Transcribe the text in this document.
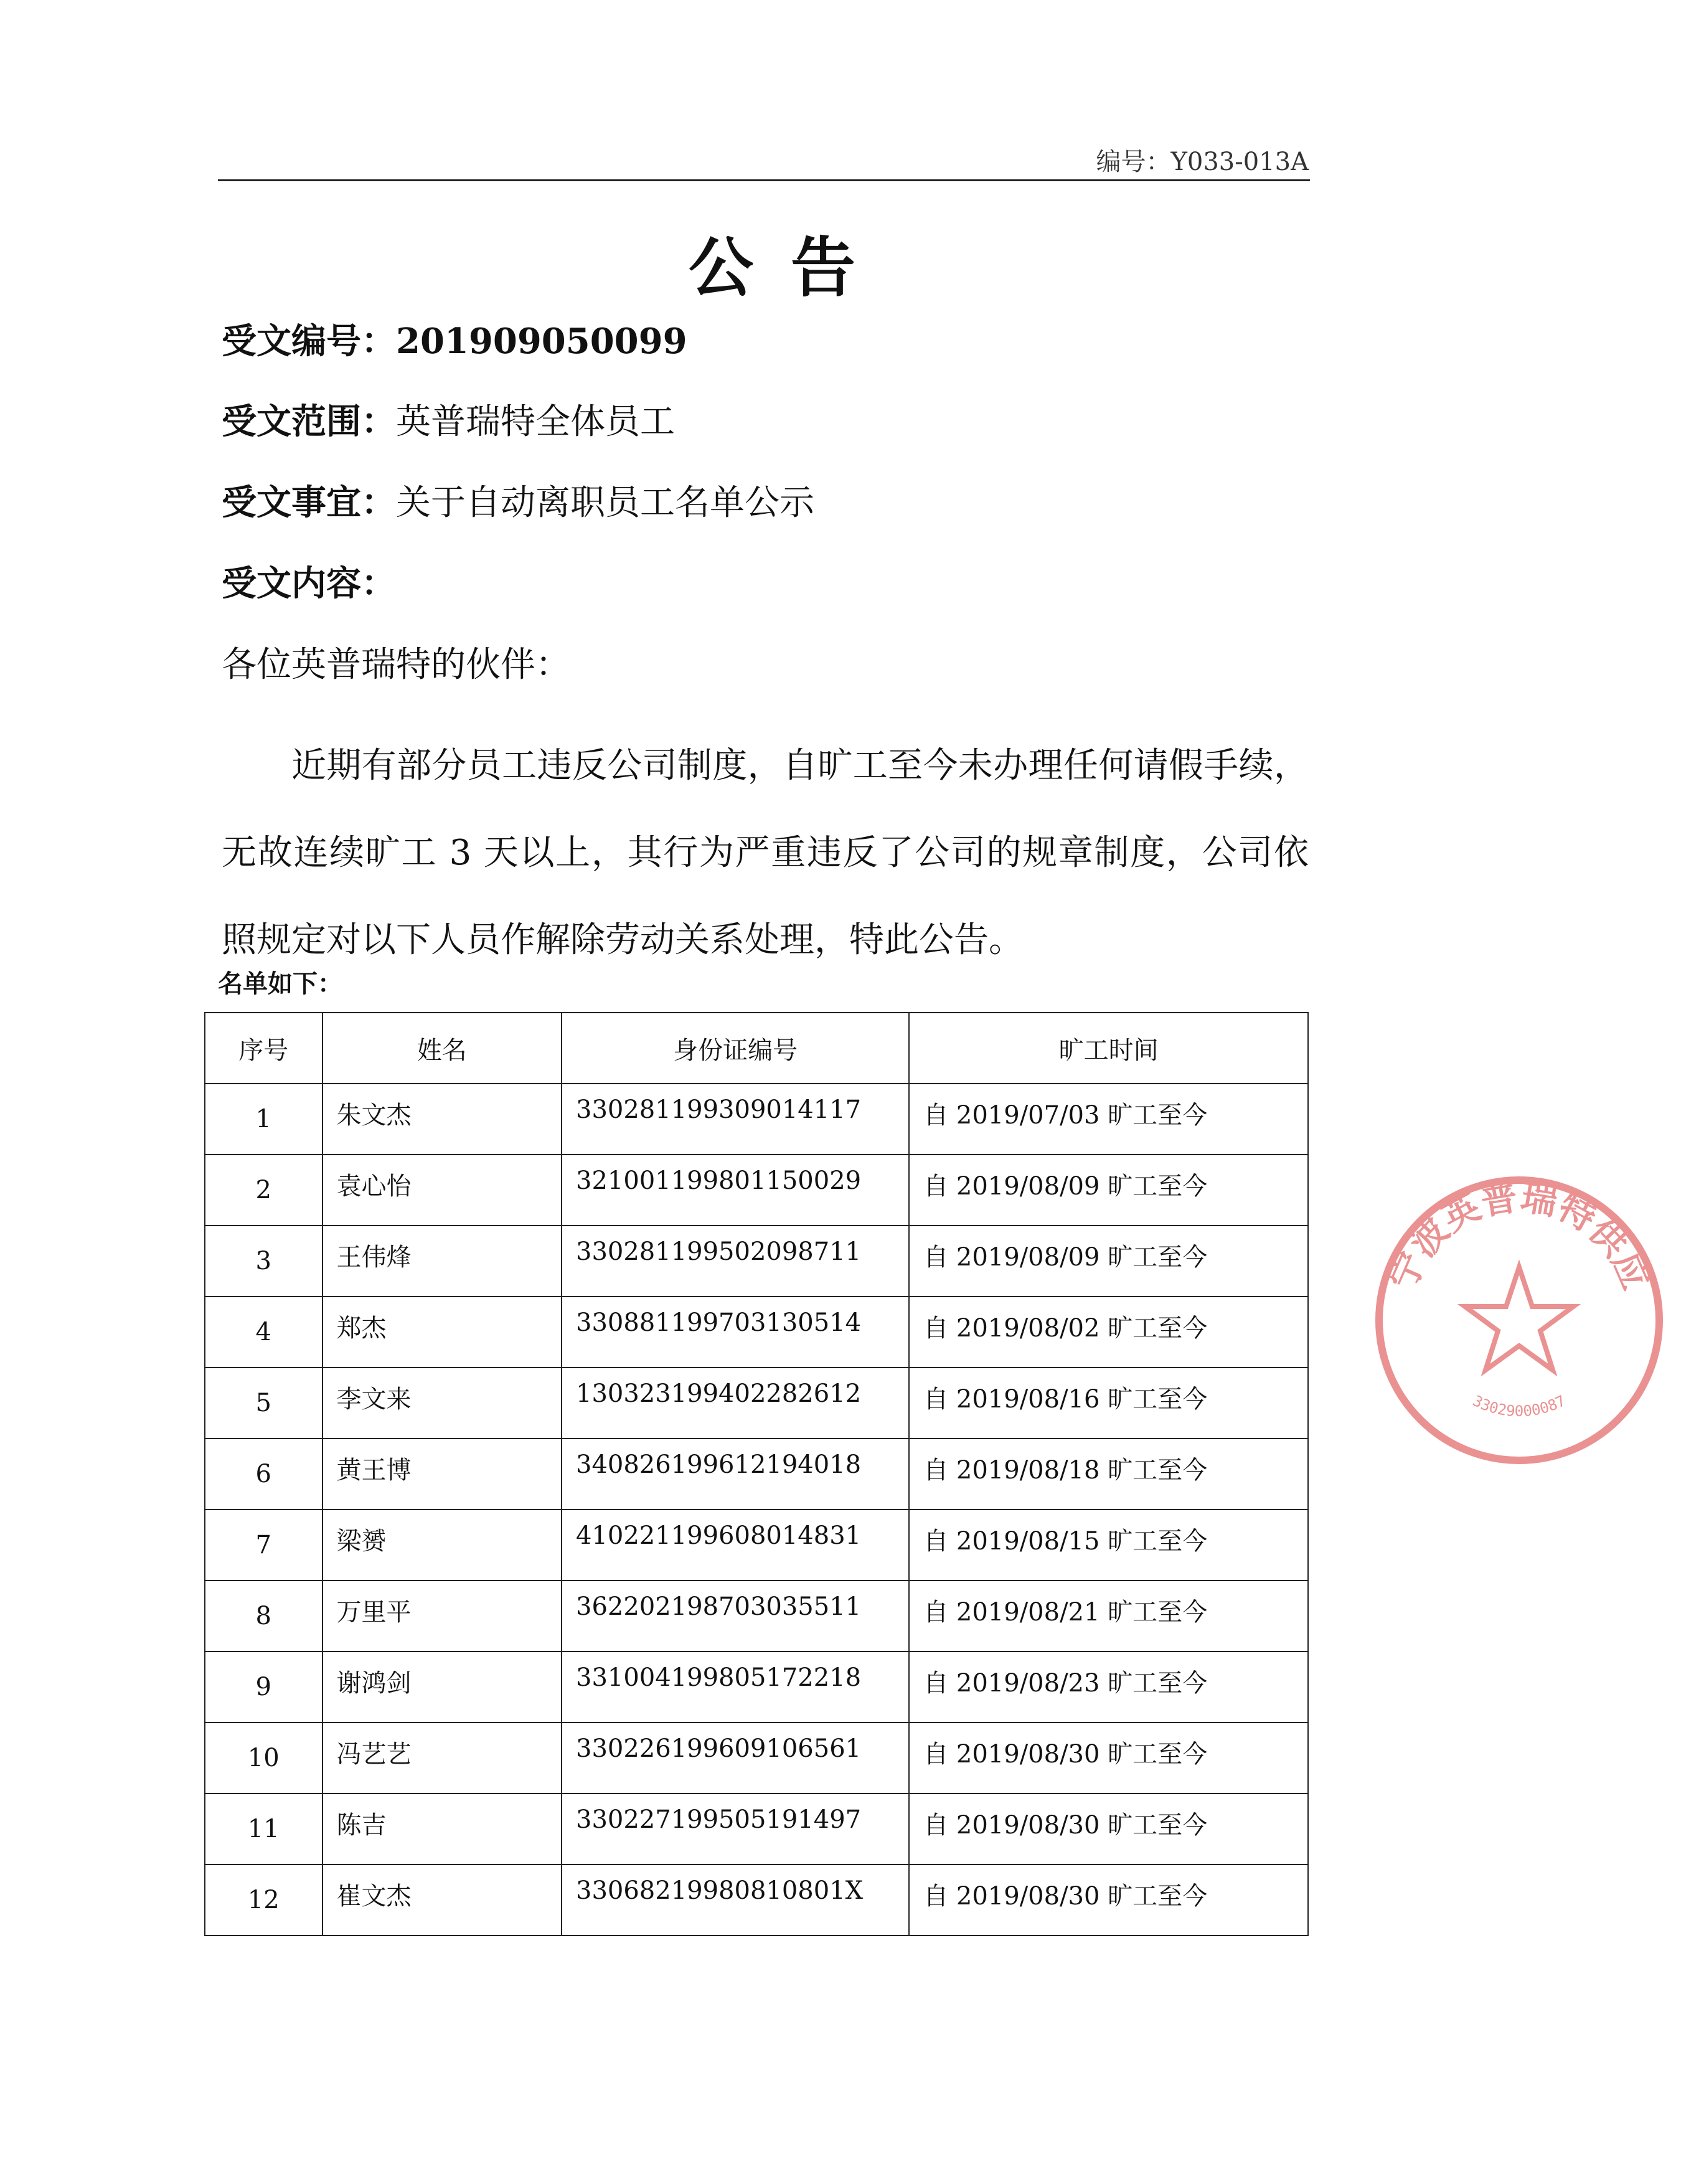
编号：Y033-013A
公告
受文编号：201909050099
受文范围：英普瑞特全体员工
受文事宜：关于自动离职员工名单公示
受文内容：
各位英普瑞特的伙伴：

近期有部分员工违反公司制度，自旷工至今未办理任何请假手续，无故连续旷工 3 天以上，其行为严重违反了公司的规章制度，公司依照规定对以下人员作解除劳动关系处理，特此公告。

名单如下：
序号	姓名	身份证编号	旷工时间
1	朱文杰	330281199309014117	自 2019/07/03 旷工至今
2	袁心怡	321001199801150029	自 2019/08/09 旷工至今
3	王伟烽	330281199502098711	自 2019/08/09 旷工至今
4	郑杰	330881199703130514	自 2019/08/02 旷工至今
5	李文来	130323199402282612	自 2019/08/16 旷工至今
6	黄王博	340826199612194018	自 2019/08/18 旷工至今
7	梁赟	410221199608014831	自 2019/08/15 旷工至今
8	万里平	362202198703035511	自 2019/08/21 旷工至今
9	谢鸿剑	331004199805172218	自 2019/08/23 旷工至今
10	冯艺艺	330226199609106561	自 2019/08/30 旷工至今
11	陈吉	330227199505191497	自 2019/08/30 旷工至今
12	崔文杰	33068219980810801X	自 2019/08/30 旷工至今
宁波英普瑞特供应
33029000087
